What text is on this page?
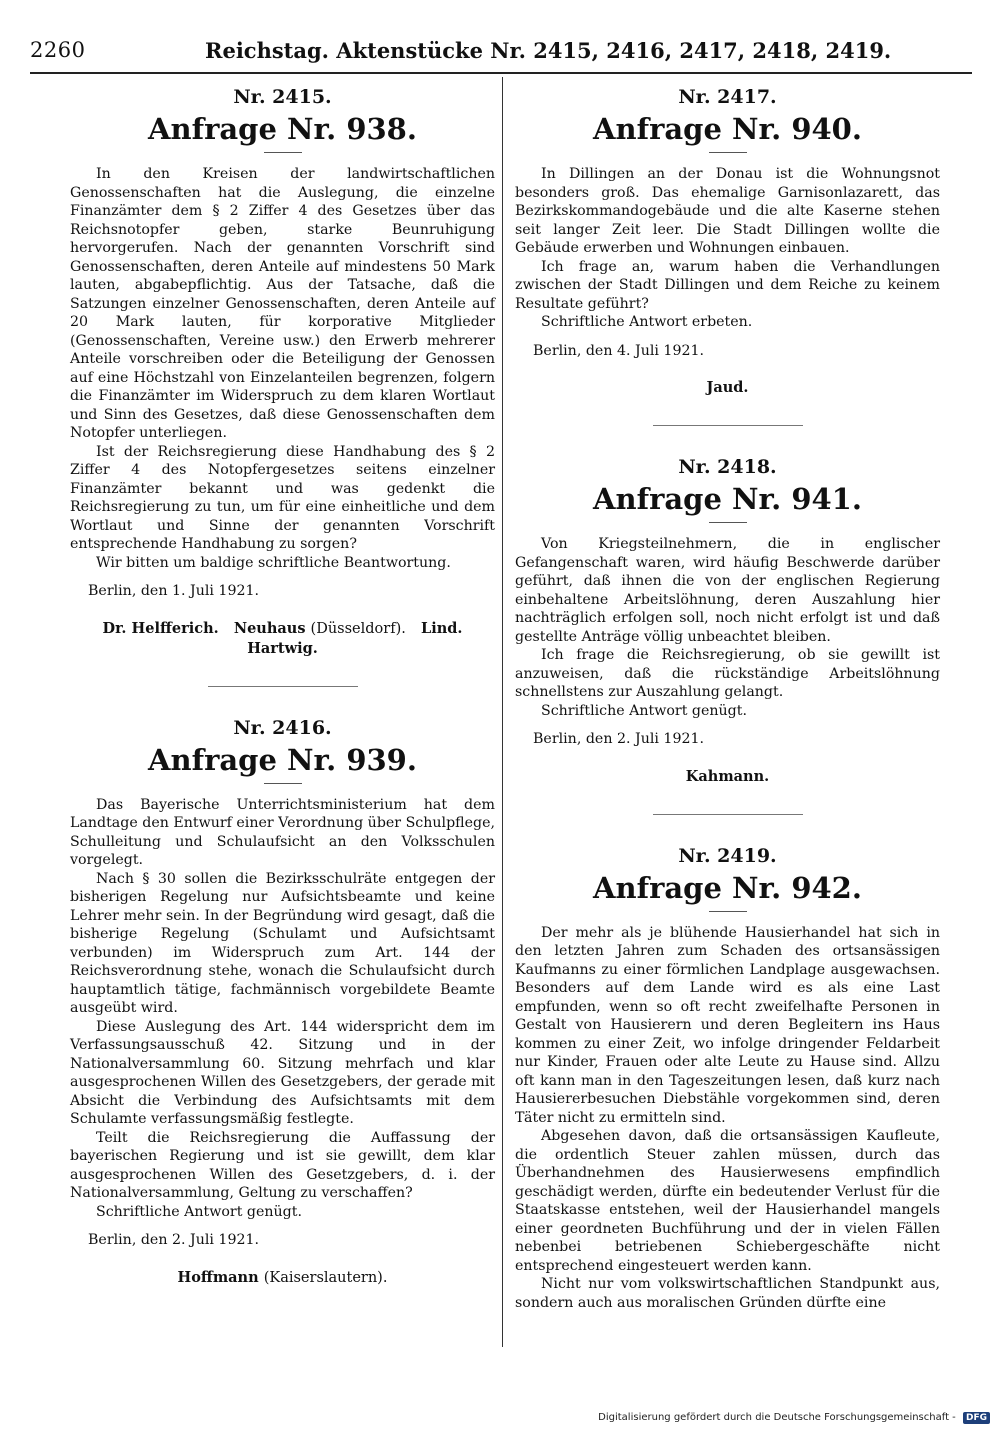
2260	Reichstag. Aktenstücke Nr. 2415, 2416, 2417, 2418, 2419.
Nr. 2415.
Anfrage Nr. 938.

In den Kreisen der landwirtschaftlichen Genossenschaften hat die Auslegung, die einzelne Finanzämter dem § 2 Ziffer 4 des Gesetzes über das Reichsnotopfer geben, starke Beunruhigung hervorgerufen. Nach der genannten Vorschrift sind Genossenschaften, deren Anteile auf mindestens 50 Mark lauten, abgabepflichtig. Aus der Tatsache, daß die Satzungen einzelner Genossenschaften, deren Anteile auf 20 Mark lauten, für korporative Mitglieder (Genossenschaften, Vereine usw.) den Erwerb mehrerer Anteile vorschreiben oder die Beteiligung der Genossen auf eine Höchstzahl von Einzelanteilen begrenzen, folgern die Finanzämter im Widerspruch zu dem klaren Wortlaut und Sinn des Gesetzes, daß diese Genossenschaften dem Notopfer unterliegen.

Ist der Reichsregierung diese Handhabung des § 2 Ziffer 4 des Notopfergesetzes seitens einzelner Finanzämter bekannt und was gedenkt die Reichsregierung zu tun, um für eine einheitliche und dem Wortlaut und Sinne der genannten Vorschrift entsprechende Handhabung zu sorgen?

Wir bitten um baldige schriftliche Beantwortung.

Berlin, den 1. Juli 1921.

Dr. Helfferich. Neuhaus (Düsseldorf). Lind.
Hartwig.
Nr. 2416.
Anfrage Nr. 939.

Das Bayerische Unterrichtsministerium hat dem Landtage den Entwurf einer Verordnung über Schulpflege, Schulleitung und Schulaufsicht an den Volksschulen vorgelegt.

Nach § 30 sollen die Bezirksschulräte entgegen der bisherigen Regelung nur Aufsichtsbeamte und keine Lehrer mehr sein. In der Begründung wird gesagt, daß die bisherige Regelung (Schulamt und Aufsichtsamt verbunden) im Widerspruch zum Art. 144 der Reichsverordnung stehe, wonach die Schulaufsicht durch hauptamtlich tätige, fachmännisch vorgebildete Beamte ausgeübt wird.

Diese Auslegung des Art. 144 widerspricht dem im Verfassungsausschuß 42. Sitzung und in der Nationalversammlung 60. Sitzung mehrfach und klar ausgesprochenen Willen des Gesetzgebers, der gerade mit Absicht die Verbindung des Aufsichtsamts mit dem Schulamte verfassungsmäßig festlegte.

Teilt die Reichsregierung die Auffassung der bayerischen Regierung und ist sie gewillt, dem klar ausgesprochenen Willen des Gesetzgebers, d. i. der Nationalversammlung, Geltung zu verschaffen?

Schriftliche Antwort genügt.

Berlin, den 2. Juli 1921.

Hoffmann (Kaiserslautern).
Nr. 2417.
Anfrage Nr. 940.

In Dillingen an der Donau ist die Wohnungsnot besonders groß. Das ehemalige Garnisonlazarett, das Bezirkskommandogebäude und die alte Kaserne stehen seit langer Zeit leer. Die Stadt Dillingen wollte die Gebäude erwerben und Wohnungen einbauen.

Ich frage an, warum haben die Verhandlungen zwischen der Stadt Dillingen und dem Reiche zu keinem Resultate geführt?

Schriftliche Antwort erbeten.

Berlin, den 4. Juli 1921.

Jaud.
Nr. 2418.
Anfrage Nr. 941.

Von Kriegsteilnehmern, die in englischer Gefangenschaft waren, wird häufig Beschwerde darüber geführt, daß ihnen die von der englischen Regierung einbehaltene Arbeitslöhnung, deren Auszahlung hier nachträglich erfolgen soll, noch nicht erfolgt ist und daß gestellte Anträge völlig unbeachtet bleiben.

Ich frage die Reichsregierung, ob sie gewillt ist anzuweisen, daß die rückständige Arbeitslöhnung schnellstens zur Auszahlung gelangt.

Schriftliche Antwort genügt.

Berlin, den 2. Juli 1921.

Kahmann.
Nr. 2419.
Anfrage Nr. 942.

Der mehr als je blühende Hausierhandel hat sich in den letzten Jahren zum Schaden des ortsansässigen Kaufmanns zu einer förmlichen Landplage ausgewachsen. Besonders auf dem Lande wird es als eine Last empfunden, wenn so oft recht zweifelhafte Personen in Gestalt von Hausierern und deren Begleitern ins Haus kommen zu einer Zeit, wo infolge dringender Feldarbeit nur Kinder, Frauen oder alte Leute zu Hause sind. Allzu oft kann man in den Tageszeitungen lesen, daß kurz nach Hausiererbesuchen Diebstähle vorgekommen sind, deren Täter nicht zu ermitteln sind.

Abgesehen davon, daß die ortsansässigen Kaufleute, die ordentlich Steuer zahlen müssen, durch das Überhandnehmen des Hausierwesens empfindlich geschädigt werden, dürfte ein bedeutender Verlust für die Staatskasse entstehen, weil der Hausierhandel mangels einer geordneten Buchführung und der in vielen Fällen nebenbei betriebenen Schiebergeschäfte nicht entsprechend eingesteuert werden kann.

Nicht nur vom volkswirtschaftlichen Standpunkt aus, sondern auch aus moralischen Gründen dürfte eine

Digitalisierung gefördert durch die Deutsche Forschungsgemeinschaft - DFG
